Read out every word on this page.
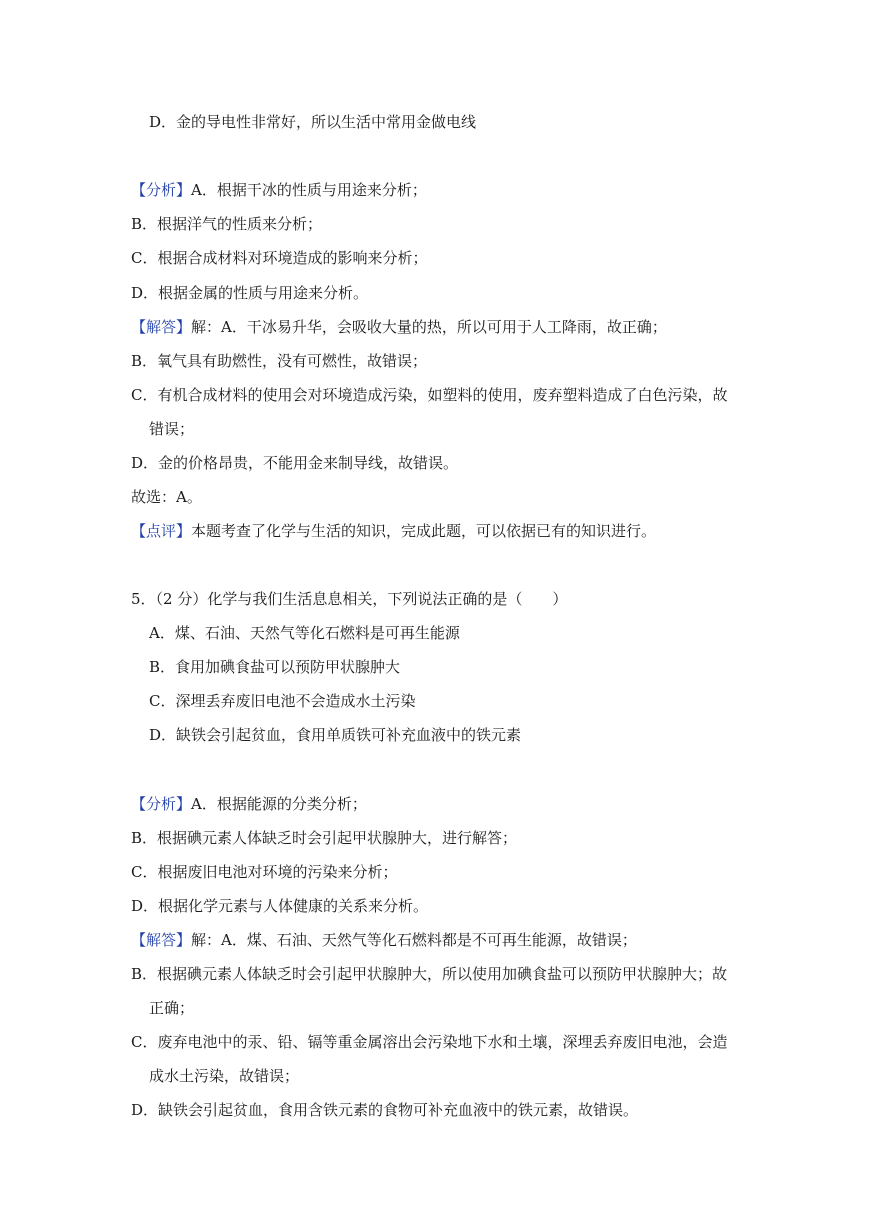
D．金的导电性非常好，所以生活中常用金做电线
【分析】A．根据干冰的性质与用途来分析；
B．根据洋气的性质来分析；
C．根据合成材料对环境造成的影响来分析；
D．根据金属的性质与用途来分析。
【解答】解：A．干冰易升华，会吸收大量的热，所以可用于人工降雨，故正确；
B．氧气具有助燃性，没有可燃性，故错误；
C．有机合成材料的使用会对环境造成污染，如塑料的使用，废弃塑料造成了白色污染，故
错误；
D．金的价格昂贵，不能用金来制导线，故错误。
故选：A。
【点评】本题考查了化学与生活的知识，完成此题，可以依据已有的知识进行。
5．（2 分）化学与我们生活息息相关，下列说法正确的是（　　）
A．煤、石油、天然气等化石燃料是可再生能源
B．食用加碘食盐可以预防甲状腺肿大
C．深埋丢弃废旧电池不会造成水土污染
D．缺铁会引起贫血，食用单质铁可补充血液中的铁元素
【分析】A．根据能源的分类分析；
B．根据碘元素人体缺乏时会引起甲状腺肿大，进行解答；
C．根据废旧电池对环境的污染来分析；
D．根据化学元素与人体健康的关系来分析。
【解答】解：A．煤、石油、天然气等化石燃料都是不可再生能源，故错误；
B．根据碘元素人体缺乏时会引起甲状腺肿大，所以使用加碘食盐可以预防甲状腺肿大；故
正确；
C．废弃电池中的汞、铅、镉等重金属溶出会污染地下水和土壤，深埋丢弃废旧电池，会造
成水土污染，故错误；
D．缺铁会引起贫血，食用含铁元素的食物可补充血液中的铁元素，故错误。
